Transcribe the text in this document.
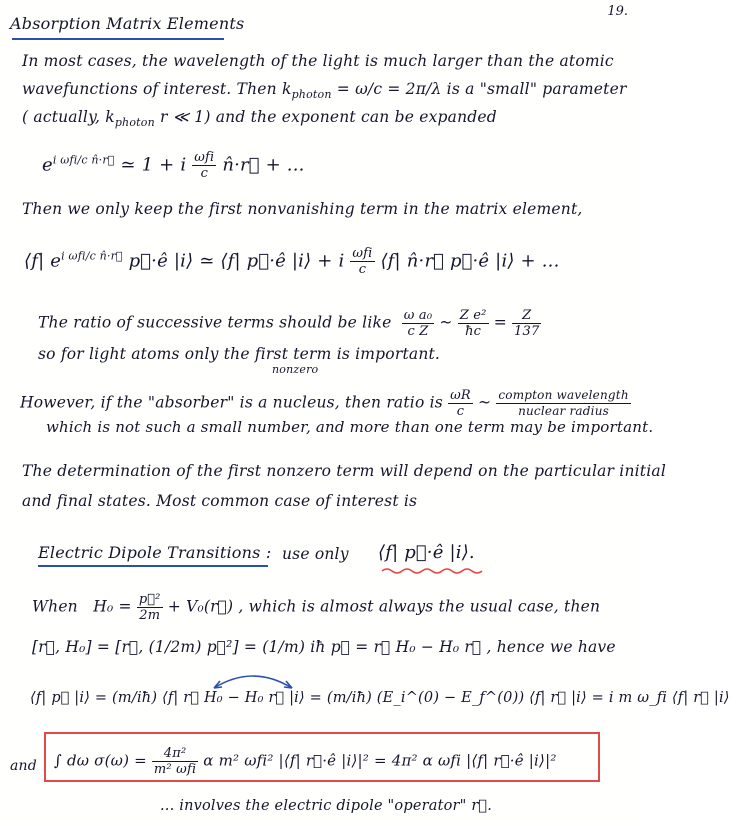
19.
Absorption Matrix Elements
In most cases, the wavelength of the light is much larger than the atomic
wavefunctions of interest. Then $k_{photon} = \omega/c = 2\pi/\lambda$ is a "small" parameter
( actually, $k_{photon}$ r ≪ 1) and the exponent can be expanded
$e^{i \omega fi/c n̂\cdot r⃗}$ ≃ 1 + i $\frac{\text{ωfi}}{c}$ n̂·r⃗ + ...
Then we only keep the first nonvanishing term in the matrix element,
⟨f| $e^{i \omega fi/c n̂\cdot r⃗}$ p⃗·ê |i⟩ ≃ ⟨f| p⃗·ê |i⟩ + i $\frac{\text{ωfi}}{c}$ ⟨f| n̂·r⃗ p⃗·ê |i⟩ + ...
The ratio of successive terms should be like $\frac{\text{ω a₀}}{\text{c Z}}$ ~ $\frac{\text{Z e²}}{ħc} = \frac{Z}{137}$
so for light atoms only the first term is important.
nonzero
However, if the "absorber" is a nucleus, then ratio is $\frac{\omega R}{c}$ ~ $\frac{\text{compton wavelength}}{\text{nuclear radius}}$
which is not such a small number, and more than one term may be important.
The determination of the first nonzero term will depend on the particular initial
and final states. Most common case of interest is
Electric Dipole Transitions : use only ⟨f| p⃗·ê |i⟩.
When $H_0 = \frac{\text{p⃗²}}{2m}$ + V₀(r⃗) , which is almost always the usual case, then
[r⃗, H₀] = [r⃗, (1/2m) p⃗²] = (1/m) iħ p⃗ = r⃗ H₀ − H₀ r⃗ , hence we have
⟨f| p⃗ |i⟩ = (m/iħ) ⟨f| r⃗ H₀ − H₀ r⃗ |i⟩ = (m/iħ) (E_i^(0) − E_f^(0)) ⟨f| r⃗ |i⟩ = i m ω_fi ⟨f| r⃗ |i⟩
and ∫ dω $\sigma(\omega) = \frac{\text{4π²}}{\text{m² ωfi}}$ α m² ωfi² |⟨f| r⃗·ê |i⟩|² = 4π² α ωfi |⟨f| r⃗·ê |i⟩|²
... involves the electric dipole "operator" r⃗.
